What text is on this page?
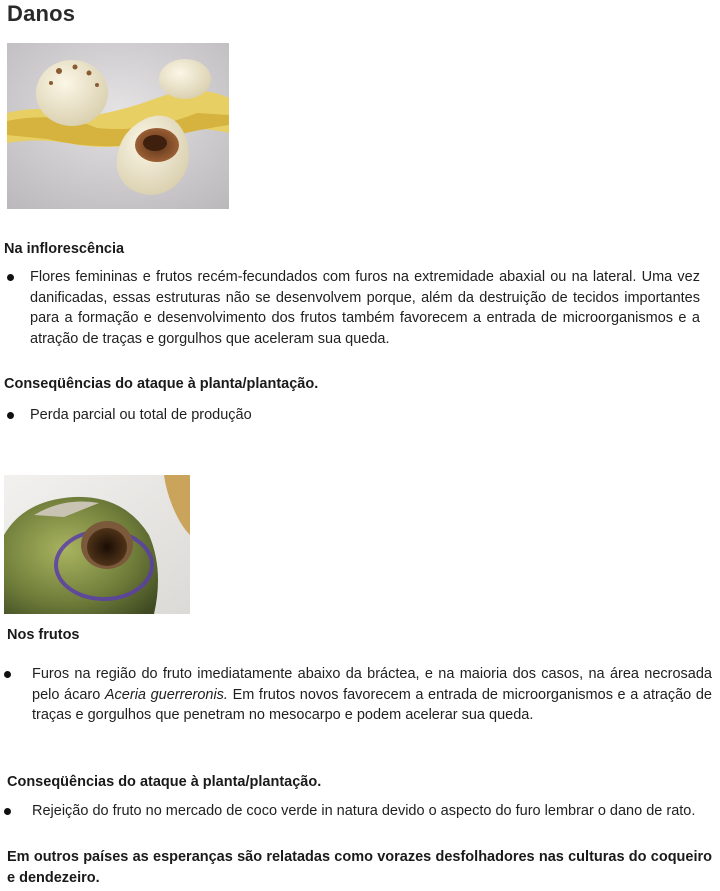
Danos
Na inflorescência
Flores femininas e frutos recém-fecundados com furos na extremidade abaxial ou na lateral. Uma vez danificadas, essas estruturas não se desenvolvem porque, além da destruição de tecidos importantes para a formação e desenvolvimento dos frutos também favorecem a entrada de microorganismos e a atração de traças e gorgulhos que aceleram sua queda.
Conseqüências do ataque à planta/plantação.
Perda parcial ou total de produção
Nos frutos
Furos na região do fruto imediatamente abaixo da bráctea, e na maioria dos casos, na área necrosada pelo ácaro Aceria guerreronis. Em frutos novos favorecem a entrada de microorganismos e a atração de traças e gorgulhos que penetram no mesocarpo e podem acelerar sua queda.
Conseqüências do ataque à planta/plantação.
Rejeição do fruto no mercado de coco verde in natura devido o aspecto do furo lembrar o dano de rato.
Em outros países as esperanças são relatadas como vorazes desfolhadores nas culturas do coqueiro e dendezeiro.
